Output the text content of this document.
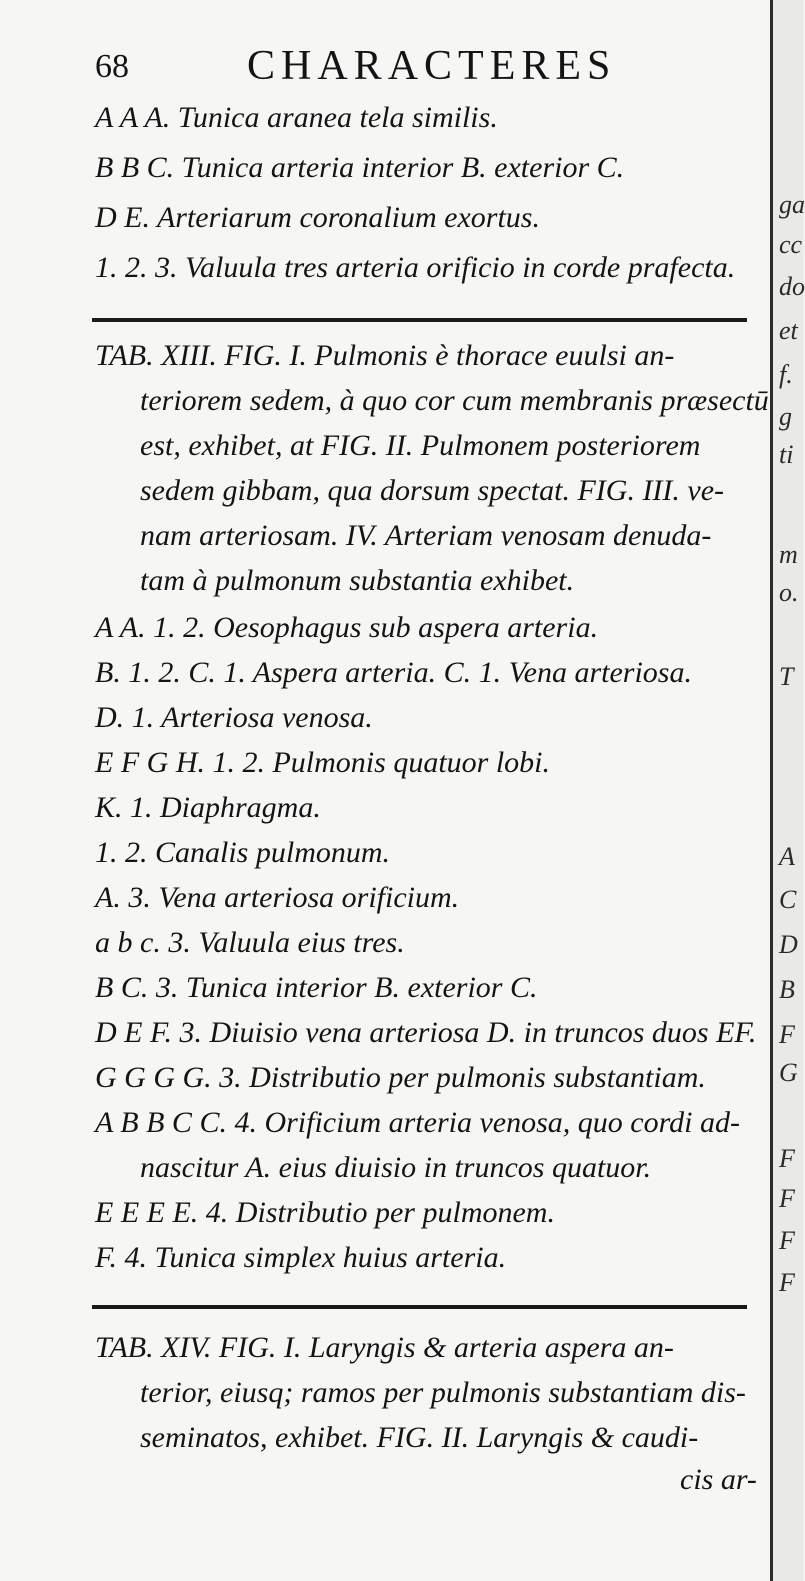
68	CHARACTERES
A A A. Tunica aranea tela similis.
B B C. Tunica arteria interior B. exterior C.
D E. Arteriarum coronalium exortus.
1. 2. 3. Valuula tres arteria orificio in corde prafecta.
TAB. XIII. FIG. I. Pulmonis è thorace euulsi an-
teriorem sedem, à quo cor cum membranis præsectū
est, exhibet, at FIG. II. Pulmonem posteriorem
sedem gibbam, qua dorsum spectat. FIG. III. ve-
nam arteriosam. IV. Arteriam venosam denuda-
tam à pulmonum substantia exhibet.
A A. 1. 2. Oesophagus sub aspera arteria.
B. 1. 2. C. 1. Aspera arteria. C. 1. Vena arteriosa.
D. 1. Arteriosa venosa.
E F G H. 1. 2. Pulmonis quatuor lobi.
K. 1. Diaphragma.
1. 2. Canalis pulmonum.
A. 3. Vena arteriosa orificium.
a b c. 3. Valuula eius tres.
B C. 3. Tunica interior B. exterior C.
D E F. 3. Diuisio vena arteriosa D. in truncos duos EF.
G G G G. 3. Distributio per pulmonis substantiam.
A B B C C. 4. Orificium arteria venosa, quo cordi ad-
nascitur A. eius diuisio in truncos quatuor.
E E E E. 4. Distributio per pulmonem.
F. 4. Tunica simplex huius arteria.
TAB. XIV. FIG. I. Laryngis & arteria aspera an-
terior, eiusq; ramos per pulmonis substantiam dis-
seminatos, exhibet. FIG. II. Laryngis & caudi-
cis ar-
ga
cc
do
et
f.
g
ti
m
o.
T
A
C
D
B
F
G
F
F
F
F
